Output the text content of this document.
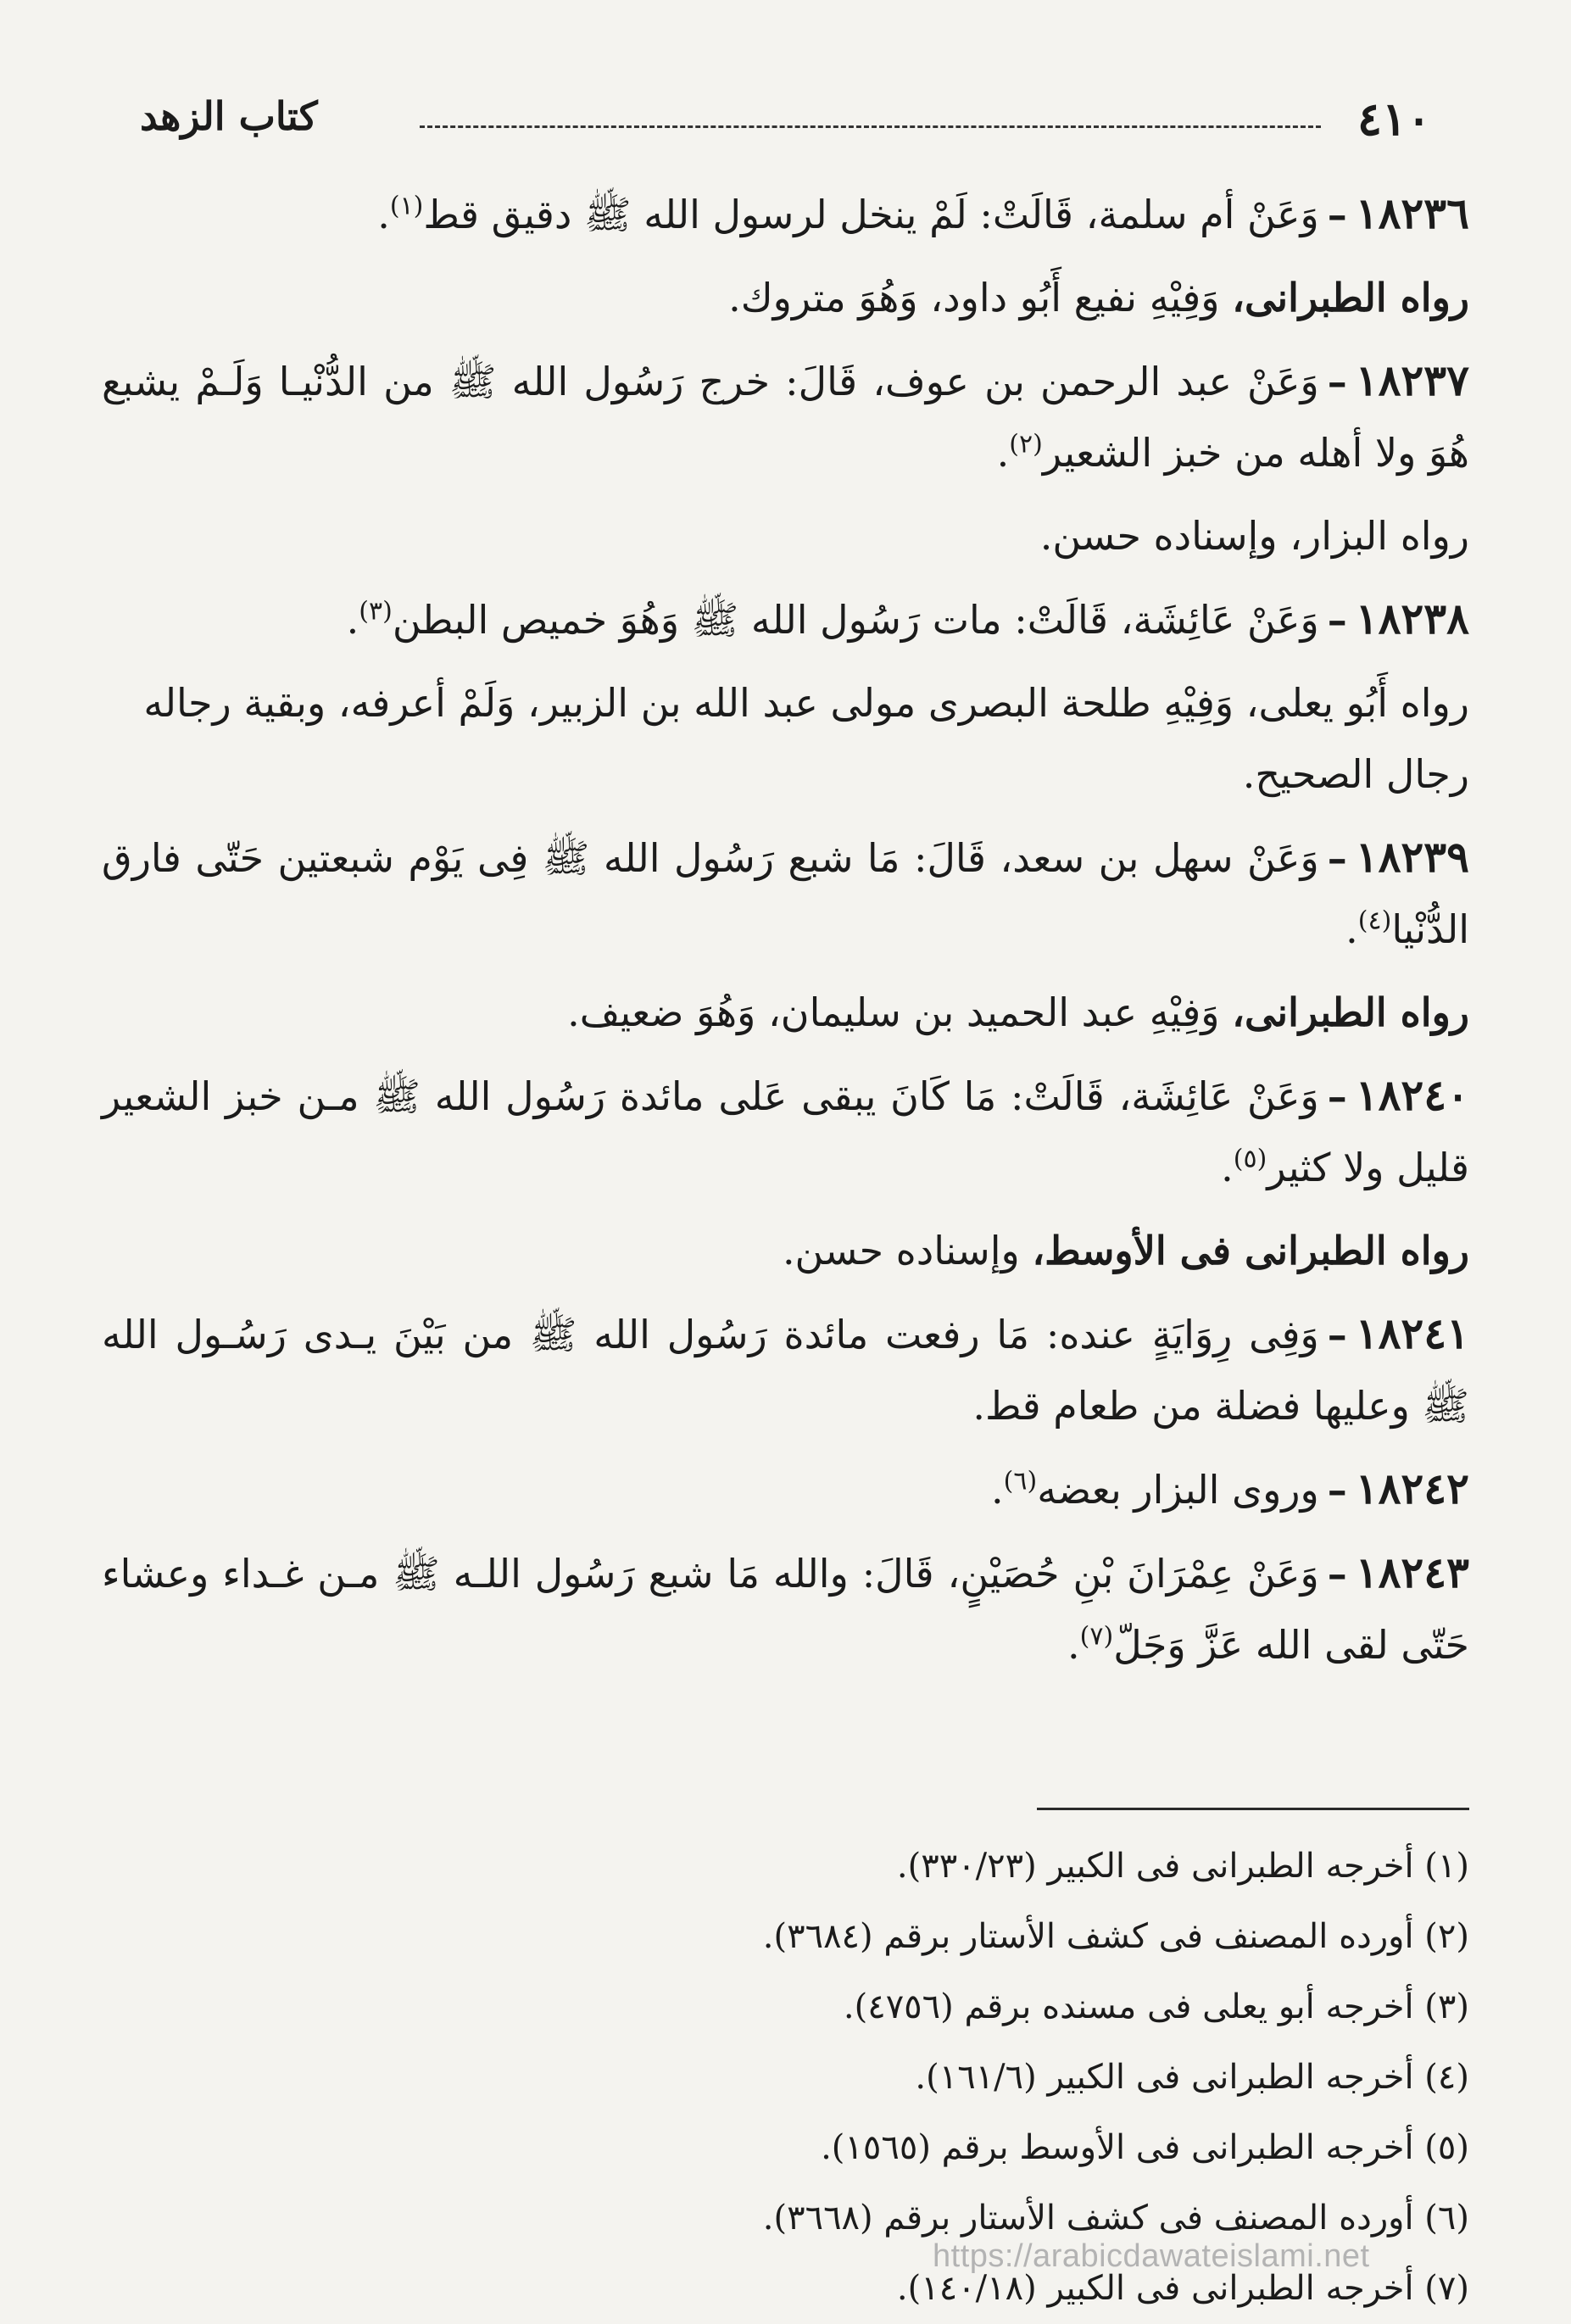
٤١٠
كتاب الزهد

١٨٢٣٦–وَعَنْ أم سلمة، قَالَتْ: لَمْ ينخل لرسول الله ﷺ دقيق قط$^{(١)}$.

رواه الطبرانى، وَفِيْهِ نفيع أَبُو داود، وَهُوَ متروك.

١٨٢٣٧–وَعَنْ عبد الرحمن بن عوف، قَالَ: خرج رَسُول الله ﷺ من الدُّنْيـا وَلَـمْ يشبع هُوَ ولا أهله من خبز الشعير$^{(٢)}$.

رواه البزار، وإسناده حسن.

١٨٢٣٨–وَعَنْ عَائِشَة، قَالَتْ: مات رَسُول الله ﷺ وَهُوَ خميص البطن$^{(٣)}$.

رواه أَبُو يعلى، وَفِيْهِ طلحة البصرى مولى عبد الله بن الزبير، وَلَمْ أعرفه، وبقية رجاله رجال الصحيح.

١٨٢٣٩–وَعَنْ سهل بن سعد، قَالَ: مَا شبع رَسُول الله ﷺ فِى يَوْم شبعتين حَتّى فارق الدُّنْيا$^{(٤)}$.

رواه الطبرانى، وَفِيْهِ عبد الحميد بن سليمان، وَهُوَ ضعيف.

١٨٢٤٠–وَعَنْ عَائِشَة، قَالَتْ: مَا كَانَ يبقى عَلى مائدة رَسُول الله ﷺ مـن خبز الشعير قليل ولا كثير$^{(٥)}$.

رواه الطبرانى فى الأوسط، وإسناده حسن.

١٨٢٤١–وَفِى رِوَايَةٍ عنده: مَا رفعت مائدة رَسُول الله ﷺ من بَيْنَ يـدى رَسُـول الله ﷺ وعليها فضلة من طعام قط.

١٨٢٤٢–وروى البزار بعضه$^{(٦)}$.

١٨٢٤٣–وَعَنْ عِمْرَانَ بْنِ حُصَيْنٍ، قَالَ: والله مَا شبع رَسُول اللـه ﷺ مـن غـداء وعشاء حَتّى لقى الله عَزَّ وَجَلّ$^{(٧)}$.

(١) أخرجه الطبرانى فى الكبير (٣٣٠/٢٣).

(٢) أورده المصنف فى كشف الأستار برقم (٣٦٨٤).

(٣) أخرجه أبو يعلى فى مسنده برقم (٤٧٥٦).

(٤) أخرجه الطبرانى فى الكبير (١٦١/٦).

(٥) أخرجه الطبرانى فى الأوسط برقم (١٥٦٥).

(٦) أورده المصنف فى كشف الأستار برقم (٣٦٦٨).

(٧) أخرجه الطبرانى فى الكبير (١٤٠/١٨).

https://arabicdawateislami.net
